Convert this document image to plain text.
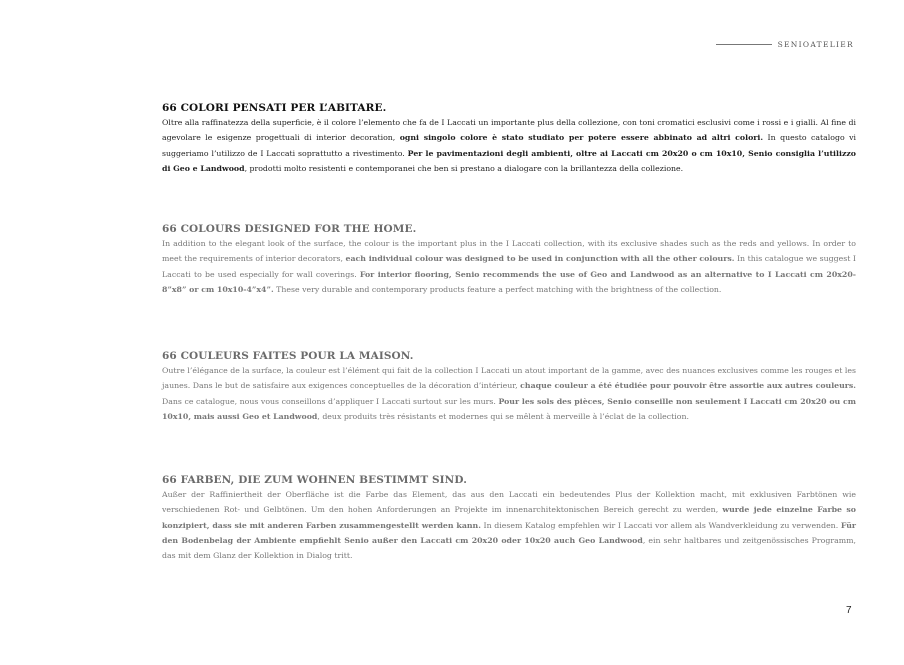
SENIOATELIER
66 COLORI PENSATI PER L’ABITARE.

Oltre alla raffinatezza della superficie, è il colore l’elemento che fa de I Laccati un importante plus della collezione, con toni cromatici esclusivi come i rossi e i gialli. Al fine di agevolare le esigenze progettuali di interior decoration, ogni singolo colore è stato studiato per potere essere abbinato ad altri colori. In questo catalogo vi suggeriamo l’utilizzo de I Laccati soprattutto a rivestimento. Per le pavimentazioni degli ambienti, oltre ai Laccati cm 20x20 o cm 10x10, Senio consiglia l’utilizzo di Geo e Landwood, prodotti molto resistenti e contemporanei che ben si prestano a dialogare con la brillantezza della collezione.

66 COLOURS DESIGNED FOR THE HOME.

In addition to the elegant look of the surface, the colour is the important plus in the I Laccati collection, with its exclusive shades such as the reds and yellows. In order to meet the requirements of interior decorators, each individual colour was designed to be used in conjunction with all the other colours. In this catalogue we suggest I Laccati to be used especially for wall coverings. For interior flooring, Senio recommends the use of Geo and Landwood as an alternative to I Laccati cm 20x20-8”x8” or cm 10x10-4”x4”. These very durable and contemporary products feature a perfect matching with the brightness of the collection.

66 COULEURS FAITES POUR LA MAISON.

Outre l’élégance de la surface, la couleur est l’élément qui fait de la collection I Laccati un atout important de la gamme, avec des nuances exclusives comme les rouges et les jaunes. Dans le but de satisfaire aux exigences conceptuelles de la décoration d’intérieur, chaque couleur a été étudiée pour pouvoir être assortie aux autres couleurs. Dans ce catalogue, nous vous conseillons d’appliquer I Laccati surtout sur les murs. Pour les sols des pièces, Senio conseille non seulement I Laccati cm 20x20 ou cm 10x10, mais aussi Geo et Landwood, deux produits très résistants et modernes qui se mêlent à merveille à l’éclat de la collection.

66 FARBEN, DIE ZUM WOHNEN BESTIMMT SIND.

Außer der Raffiniertheit der Oberfläche ist die Farbe das Element, das aus den Laccati ein bedeutendes Plus der Kollektion macht, mit exklusiven Farbtönen wie verschiedenen Rot- und Gelbtönen. Um den hohen Anforderungen an Projekte im innenarchitektonischen Bereich gerecht zu werden, wurde jede einzelne Farbe so konzipiert, dass sie mit anderen Farben zusammengestellt werden kann. In diesem Katalog empfehlen wir I Laccati vor allem als Wandverkleidung zu verwenden. Für den Bodenbelag der Ambiente empfiehlt Senio außer den Laccati cm 20x20 oder 10x20 auch Geo Landwood, ein sehr haltbares und zeitgenössisches Programm, das mit dem Glanz der Kollektion in Dialog tritt.

7
